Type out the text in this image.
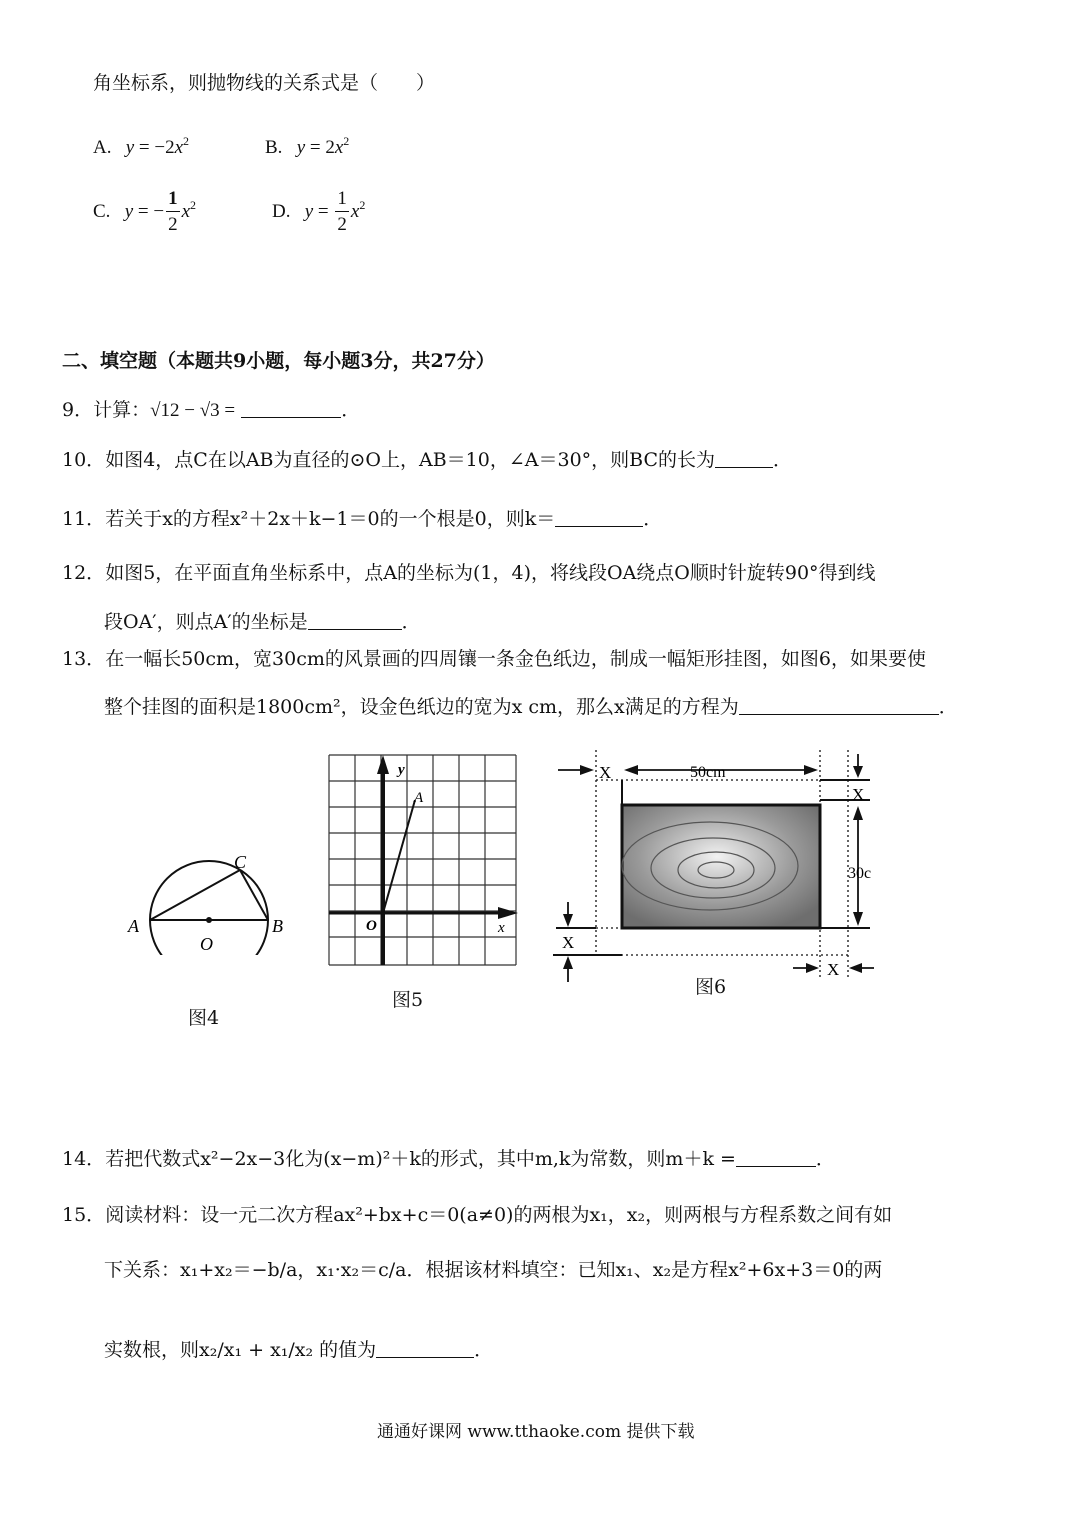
角坐标系，则抛物线的关系式是（　　）
A. $y = -2x^2$	B. $y = 2x^2$
C. y = − $\frac{1}{2} x^2$	D. $y = \frac{1}{2} x^2$
二、填空题（本题共9小题，每小题3分，共27分）
9．计算：√12 − √3 =	．
10．如图4，点C在以AB为直径的⊙O上，AB＝10，∠A＝30°，则BC的长为	．
11．若关于x的方程x²＋2x＋k−1＝0的一个根是0，则k＝	．
12．如图5，在平面直角坐标系中，点A的坐标为(1，4)，将线段OA绕点O顺时针旋转90°得到线
段OA′，则点A′的坐标是	．
13．在一幅长50cm，宽30cm的风景画的四周镶一条金色纸边，制成一幅矩形挂图，如图6，如果要使
整个挂图的面积是1800cm²，设金色纸边的宽为x cm，那么x满足的方程为	．
A	B
C
O
图4
y
x
O
A
图5
50cm
X
30c
X
X
X
图6
14．若把代数式x²−2x−3化为(x−m)²＋k的形式，其中m,k为常数，则m＋k =	．
15．阅读材料：设一元二次方程ax²+bx+c＝0(a≠0)的两根为x₁，x₂，则两根与方程系数之间有如
下关系：x₁+x₂＝−b/a，x₁·x₂＝c/a．根据该材料填空：已知x₁、x₂是方程x²+6x+3＝0的两
实数根，则x₂/x₁ + x₁/x₂ 的值为	．
通通好课网 www.tthaoke.com 提供下载
